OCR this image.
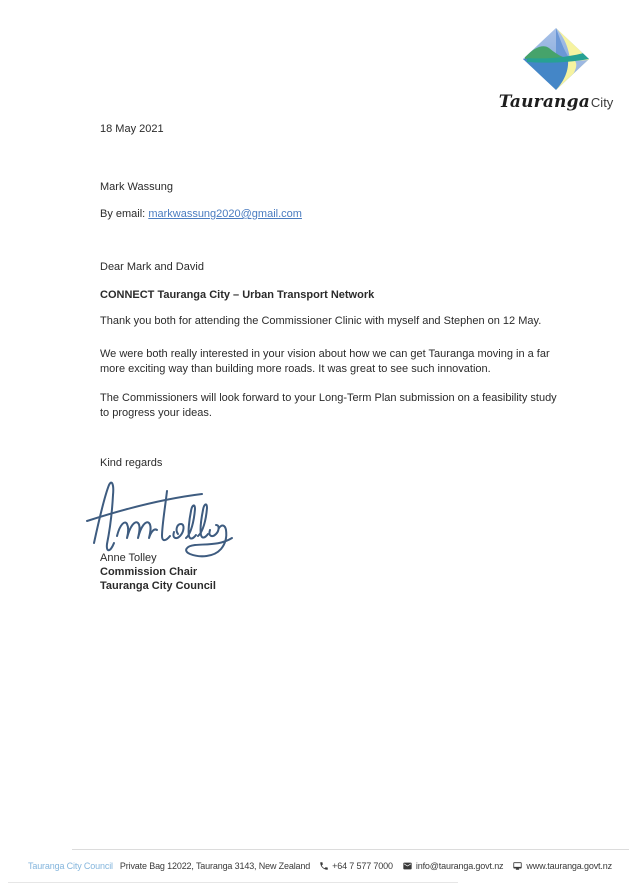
TaurangaCity
18 May 2021
Mark Wassung
By email: markwassung2020@gmail.com
Dear Mark and David
CONNECT Tauranga City – Urban Transport Network
Thank you both for attending the Commissioner Clinic with myself and Stephen on 12 May.
We were both really interested in your vision about how we can get Tauranga moving in a far more exciting way than building more roads. It was great to see such innovation.
The Commissioners will look forward to your Long-Term Plan submission on a feasibility study to progress your ideas.
Kind regards
Anne Tolley
Commission Chair
Tauranga City Council
Tauranga City Council Private Bag 12022, Tauranga 3143, New Zealand +64 7 577 7000	info@tauranga.govt.nz	www.tauranga.govt.nz
